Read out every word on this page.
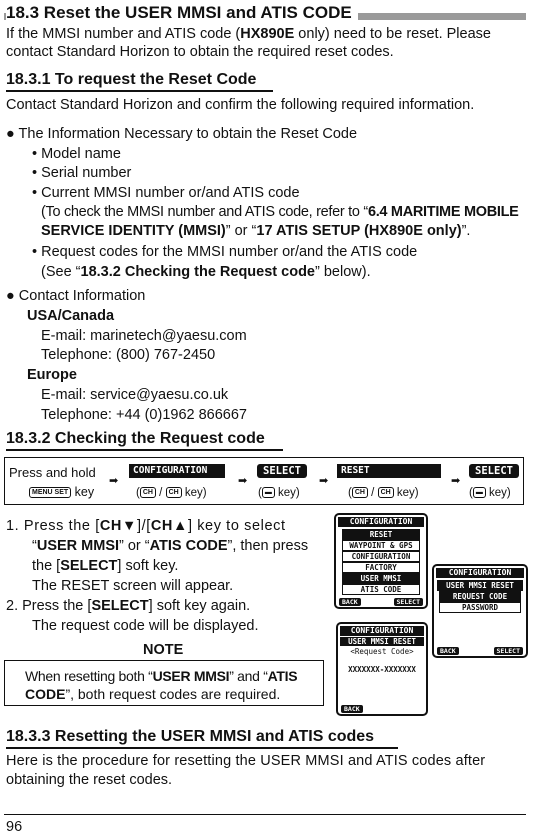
18.3 Reset the USER MMSI and ATIS CODE
If the MMSI number and ATIS code (HX890E only) need to be reset. Please
contact Standard Horizon to obtain the required reset codes.
18.3.1 To request the Reset Code
Contact Standard Horizon and confirm the following required information.
● The Information Necessary to obtain the Reset Code
• Model name
• Serial number
• Current MMSI number or/and ATIS code
(To check the MMSI number and ATIS code, refer to “6.4 MARITIME MOBILE
SERVICE IDENTITY (MMSI)” or “17 ATIS SETUP (HX890E only)”.
• Request codes for the MMSI number or/and the ATIS code
(See “18.3.2 Checking the Request code” below).
● Contact Information
USA/Canada
E-mail: marinetech@yaesu.com
Telephone: (800) 767-2450
Europe
E-mail: service@yaesu.co.uk
Telephone: +44 (0)1962 866667
18.3.2 Checking the Request code
Press and hold
MENU SET key
➡
CONFIGURATION
( CH / CH key)
➡
SELECT
( ▬ key)
➡
RESET
( CH / CH key)
➡
SELECT
( ▬ key)
1. Press the [CH▼]/[CH▲] key to select
“USER MMSI” or “ATIS CODE”, then press
the [SELECT] soft key.
The RESET screen will appear.
2. Press the [SELECT] soft key again.
The request code will be displayed.
NOTE
When resetting both “USER MMSI” and “ATIS
CODE”, both request codes are required.
CONFIGURATION
RESET
WAYPOINT & GPS
CONFIGURATION
FACTORY
USER MMSI
ATIS CODE
BACK	SELECT
CONFIGURATION
USER MMSI RESET
REQUEST CODE
PASSWORD
BACK	SELECT
CONFIGURATION
USER MMSI RESET
<Request Code>
XXXXXXX-XXXXXXX
BACK
18.3.3 Resetting the USER MMSI and ATIS codes
Here is the procedure for resetting the USER MMSI and ATIS codes after
obtaining the reset codes.
96
